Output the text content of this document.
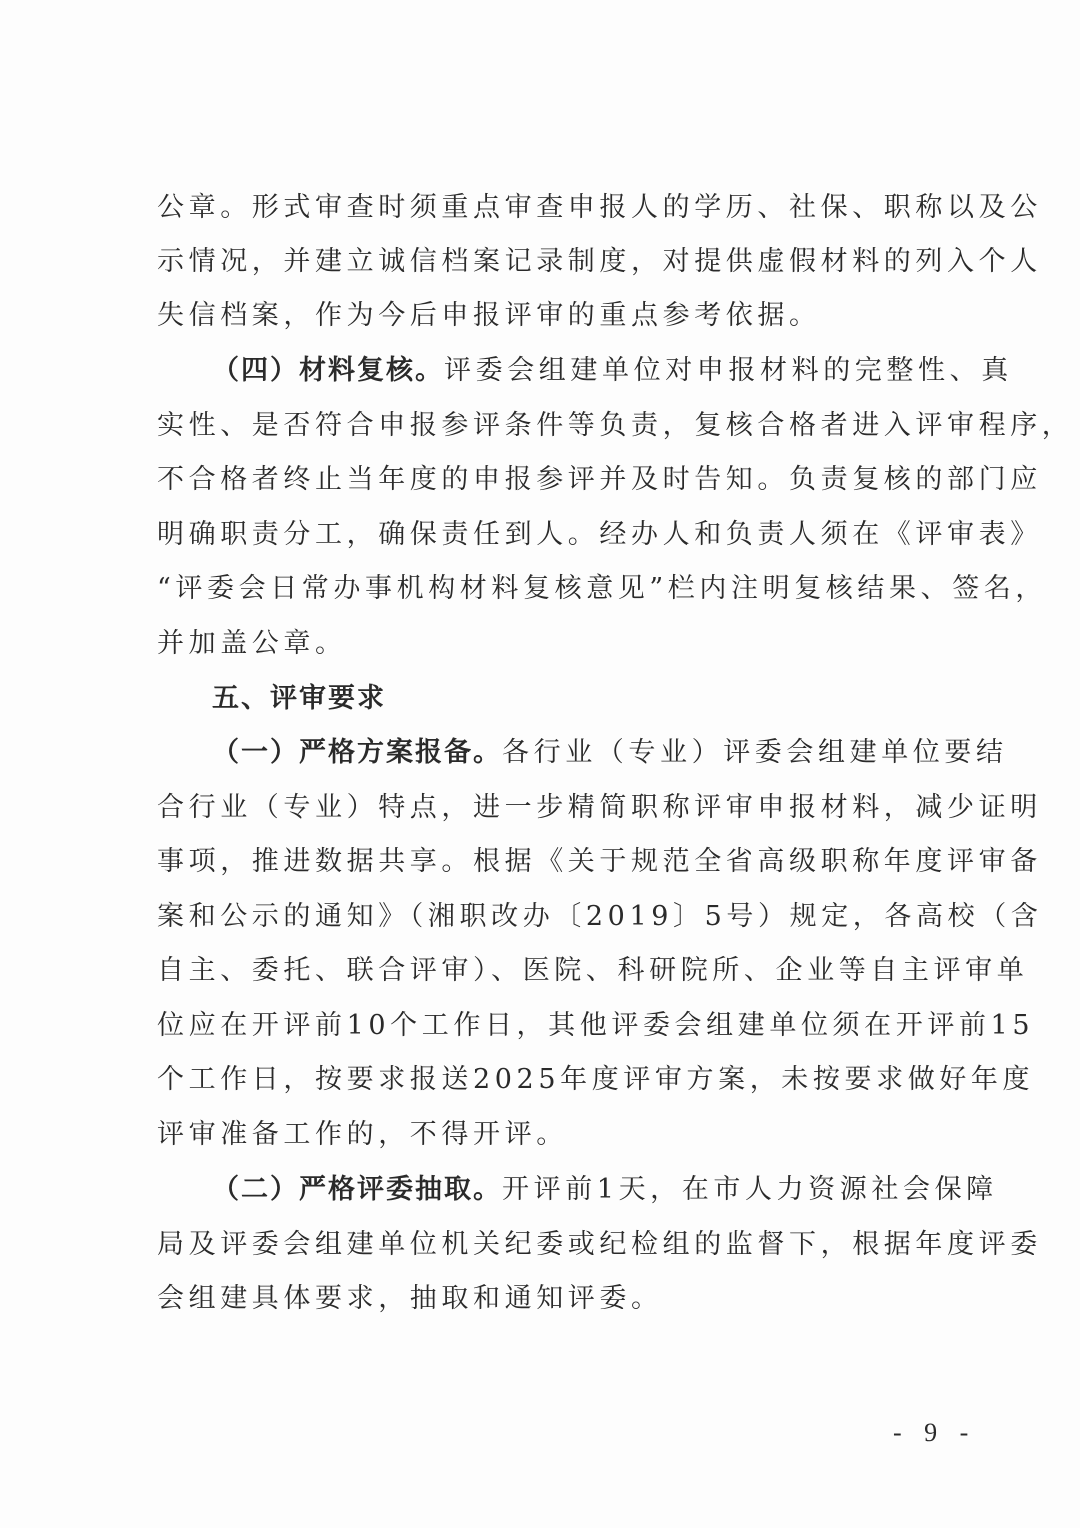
公章。形式审查时须重点审查申报人的学历、社保、职称以及公
示情况，并建立诚信档案记录制度，对提供虚假材料的列入个人
失信档案，作为今后申报评审的重点参考依据。
（四）材料复核。评委会组建单位对申报材料的完整性、真
实性、是否符合申报参评条件等负责，复核合格者进入评审程序，
不合格者终止当年度的申报参评并及时告知。负责复核的部门应
明确职责分工，确保责任到人。经办人和负责人须在《评审表》
“评委会日常办事机构材料复核意见”栏内注明复核结果、签名，
并加盖公章。
五、评审要求
（一）严格方案报备。各行业（专业）评委会组建单位要结
合行业（专业）特点，进一步精简职称评审申报材料，减少证明
事项，推进数据共享。根据《关于规范全省高级职称年度评审备
案和公示的通知》（湘职改办〔2019〕5号）规定，各高校（含
自主、委托、联合评审）、医院、科研院所、企业等自主评审单
位应在开评前10个工作日，其他评委会组建单位须在开评前15
个工作日，按要求报送2025年度评审方案，未按要求做好年度
评审准备工作的，不得开评。
（二）严格评委抽取。开评前1天，在市人力资源社会保障
局及评委会组建单位机关纪委或纪检组的监督下，根据年度评委
会组建具体要求，抽取和通知评委。
- 9 -
